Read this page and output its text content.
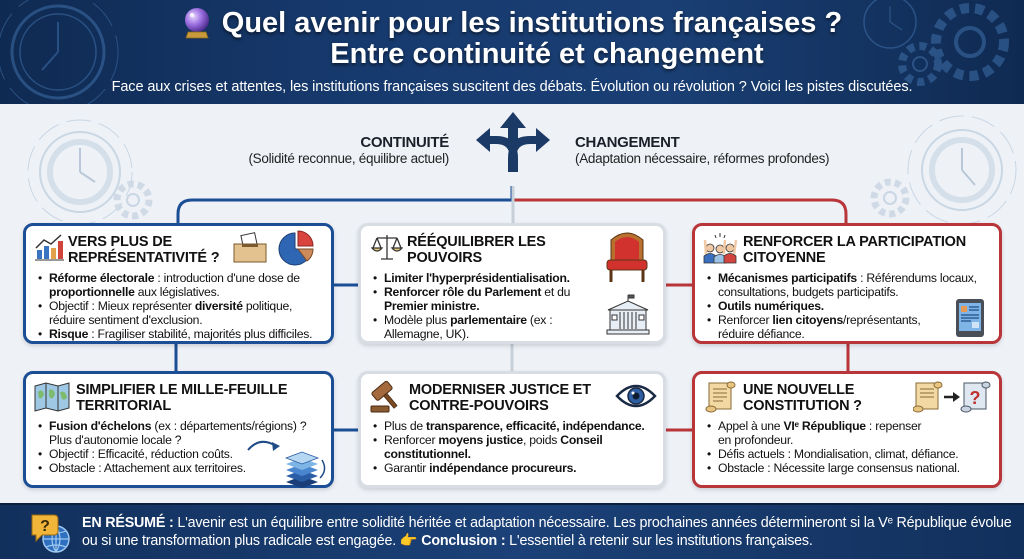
Quel avenir pour les institutions françaises ?
Entre continuité et changement
Face aux crises et attentes, les institutions françaises suscitent des débats. Évolution ou révolution ? Voici les pistes discutées.
CONTINUITÉ
(Solidité reconnue, équilibre actuel)
CHANGEMENT
(Adaptation nécessaire, réformes profondes)
VERS PLUS DE REPRÉSENTATIVITÉ ?
• Réforme électorale : introduction d'une dose de proportionnelle aux législatives.
• Objectif : Mieux représenter diversité politique, réduire sentiment d'exclusion.
• Risque : Fragiliser stabilité, majorités plus difficiles.
RÉÉQUILIBRER LES POUVOIRS
• Limiter l'hyperprésidentialisation.
• Renforcer rôle du Parlement et du Premier ministre.
• Modèle plus parlementaire (ex : Allemagne, UK).
RENFORCER LA PARTICIPATION CITOYENNE
• Mécanismes participatifs : Référendums locaux, consultations, budgets participatifs.
• Outils numériques.
• Renforcer lien citoyens/représentants, réduire défiance.
SIMPLIFIER LE MILLE-FEUILLE TERRITORIAL
• Fusion d'échelons (ex : départements/régions) ? Plus d'autonomie locale ?
• Objectif : Efficacité, réduction coûts.
• Obstacle : Attachement aux territoires.
MODERNISER JUSTICE ET CONTRE-POUVOIRS
• Plus de transparence, efficacité, indépendance.
• Renforcer moyens justice, poids Conseil constitutionnel.
• Garantir indépendance procureurs.
UNE NOUVELLE CONSTITUTION ?	?
• Appel à une VIᵉ République : repenser en profondeur.
• Défis actuels : Mondialisation, climat, défiance.
• Obstacle : Nécessite large consensus national.
? EN RÉSUMÉ : L'avenir est un équilibre entre solidité héritée et adaptation nécessaire. Les prochaines années détermineront si la Vᵉ République évolue ou si une transformation plus radicale est engagée. 👉 Conclusion : L'essentiel à retenir sur les institutions françaises.
